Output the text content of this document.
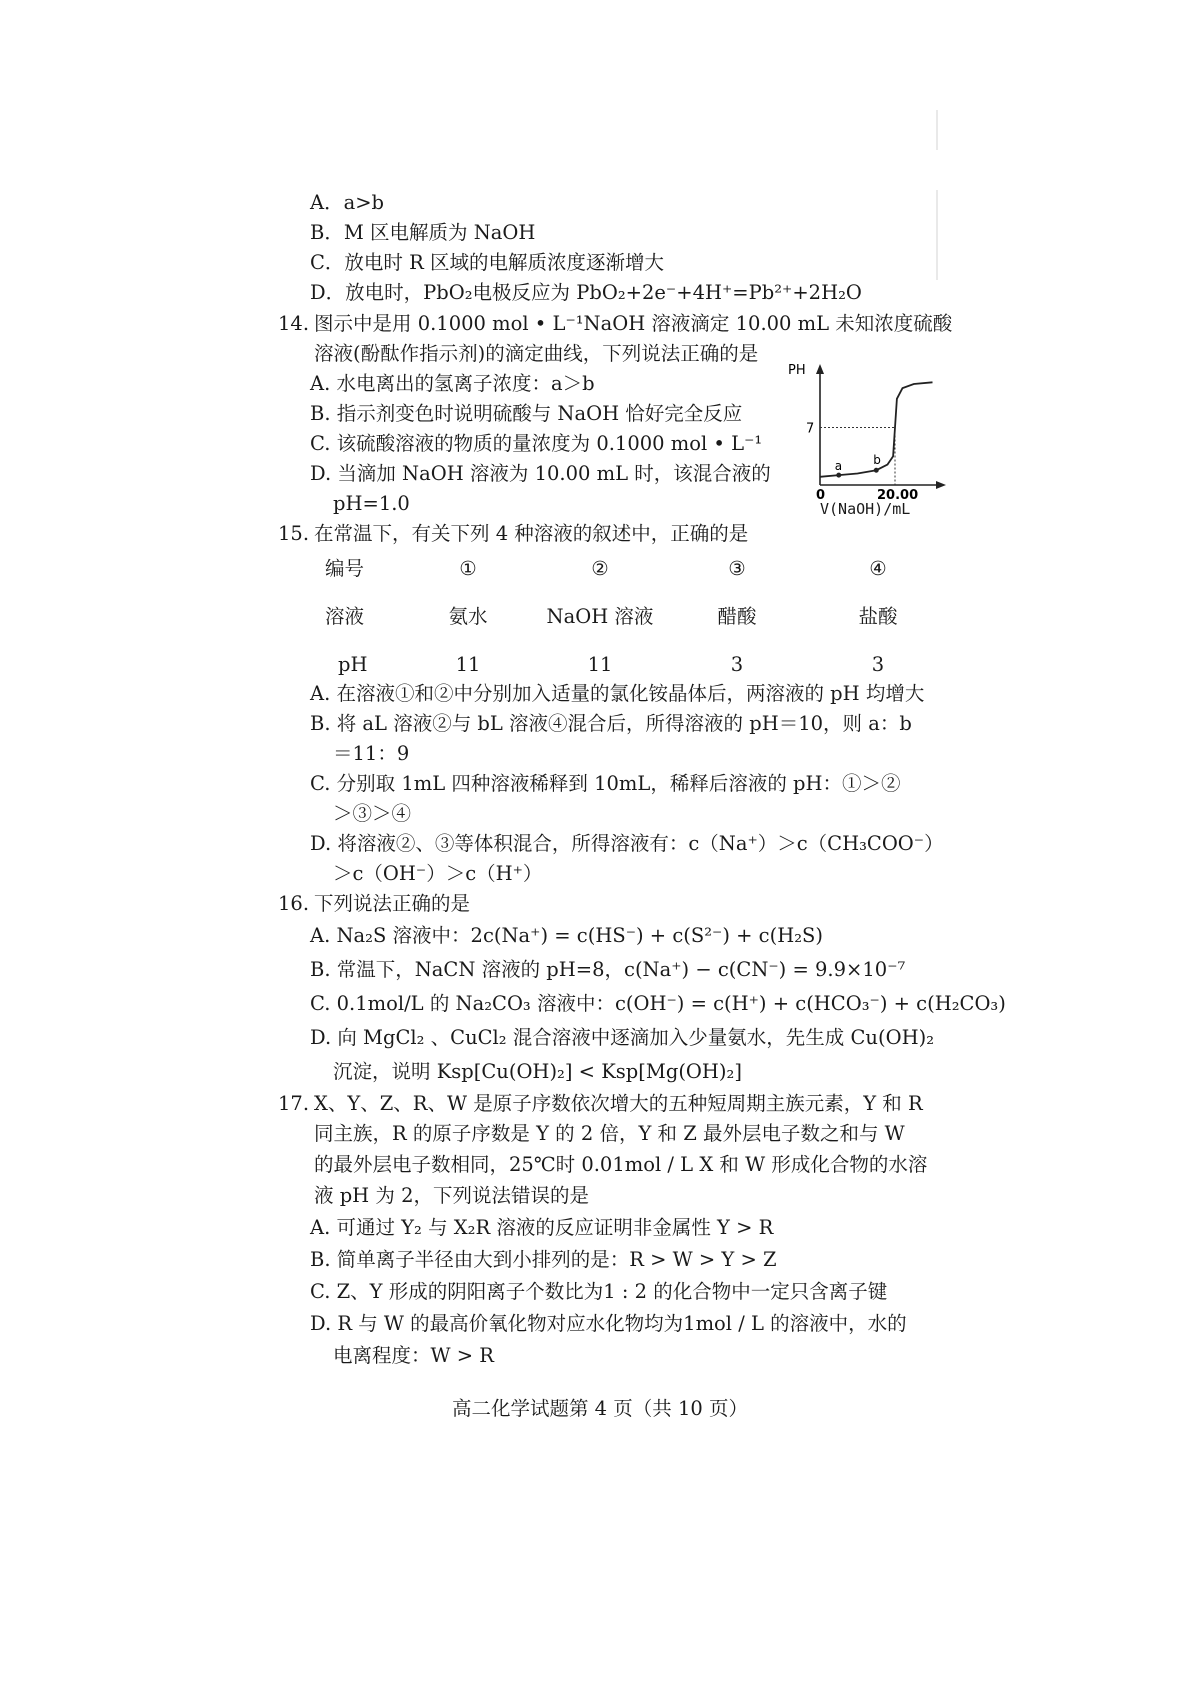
A．a>b
B．M 区电解质为 NaOH
C．放电时 R 区域的电解质浓度逐渐增大
D．放电时，PbO₂电极反应为 PbO₂+2e⁻+4H⁺=Pb²⁺+2H₂O
14. 图示中是用 0.1000 mol • L⁻¹NaOH 溶液滴定 10.00 mL 未知浓度硫酸
溶液(酚酞作指示剂)的滴定曲线，下列说法正确的是
A. 水电离出的氢离子浓度：a＞b
B. 指示剂变色时说明硫酸与 NaOH 恰好完全反应
C. 该硫酸溶液的物质的量浓度为 0.1000 mol • L⁻¹
D. 当滴加 NaOH 溶液为 10.00 mL 时，该混合液的
pH=1.0
PH
7
0	20.00
a	b
V(NaOH)/mL
15. 在常温下，有关下列 4 种溶液的叙述中，正确的是
编号
溶液
pH
①
氨水
11
②
NaOH 溶液
11
③
醋酸
3
④
盐酸
3
A. 在溶液①和②中分别加入适量的氯化铵晶体后，两溶液的 pH 均增大
B. 将 aL 溶液②与 bL 溶液④混合后，所得溶液的 pH＝10，则 a：b
＝11：9
C. 分别取 1mL 四种溶液稀释到 10mL，稀释后溶液的 pH：①＞②
＞③＞④
D. 将溶液②、③等体积混合，所得溶液有：c（Na⁺）＞c（CH₃COO⁻）
＞c（OH⁻）＞c（H⁺）
16. 下列说法正确的是
A. Na₂S 溶液中：2c(Na⁺) = c(HS⁻) + c(S²⁻) + c(H₂S)
B. 常温下，NaCN 溶液的 pH=8，c(Na⁺) − c(CN⁻) = 9.9×10⁻⁷
C. 0.1mol/L 的 Na₂CO₃ 溶液中：c(OH⁻) = c(H⁺) + c(HCO₃⁻) + c(H₂CO₃)
D. 向 MgCl₂ 、CuCl₂ 混合溶液中逐滴加入少量氨水，先生成 Cu(OH)₂
沉淀，说明 Ksp[Cu(OH)₂] < Ksp[Mg(OH)₂]
17. X、Y、Z、R、W 是原子序数依次增大的五种短周期主族元素，Y 和 R
同主族，R 的原子序数是 Y 的 2 倍，Y 和 Z 最外层电子数之和与 W
的最外层电子数相同，25℃时 0.01mol / L X 和 W 形成化合物的水溶
液 pH 为 2，下列说法错误的是
A. 可通过 Y₂ 与 X₂R 溶液的反应证明非金属性 Y > R
B. 简单离子半径由大到小排列的是：R > W > Y > Z
C. Z、Y 形成的阴阳离子个数比为1 : 2 的化合物中一定只含离子键
D. R 与 W 的最高价氧化物对应水化物均为1mol / L 的溶液中，水的
电离程度：W > R
高二化学试题第 4 页（共 10 页）
